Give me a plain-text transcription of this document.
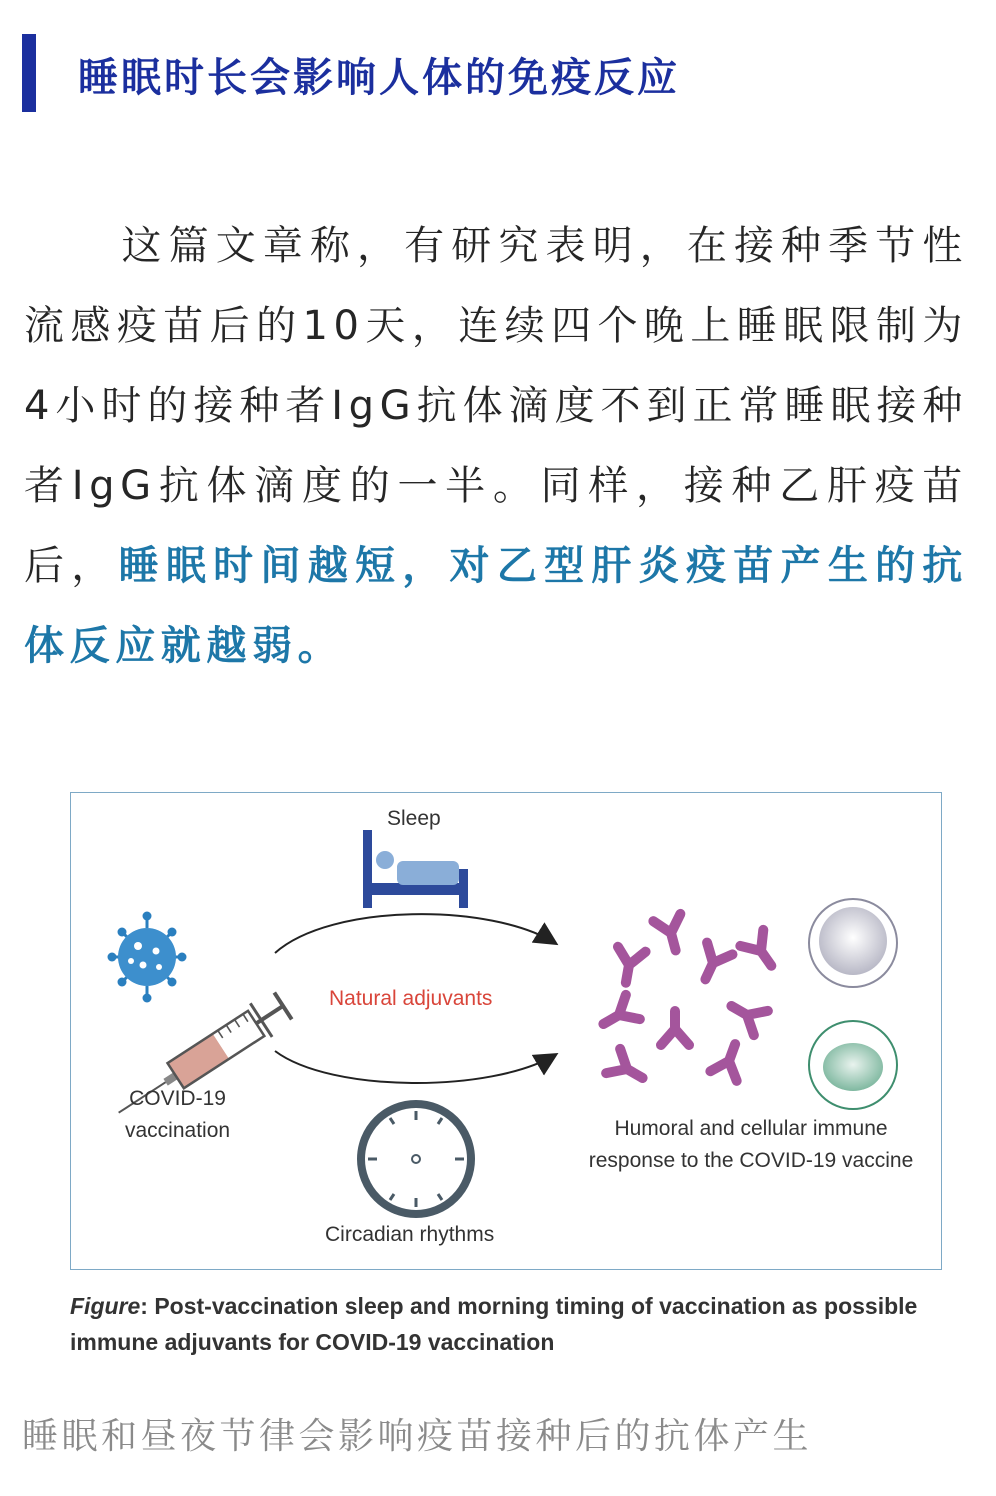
睡眠时长会影响人体的免疫反应

这篇文章称，有研究表明，在接种季节性流感疫苗后的10天，连续四个晚上睡眠限制为4小时的接种者IgG抗体滴度不到正常睡眠接种者IgG抗体滴度的一半。同样，接种乙肝疫苗后，睡眠时间越短，对乙型肝炎疫苗产生的抗体反应就越弱。

Sleep
Natural adjuvants
COVID-19
vaccination	Humoral and cellular immune
response to the COVID-19 vaccine
Circadian rhythms
Figure: Post-vaccination sleep and morning timing of vaccination as possible immune adjuvants for COVID-19 vaccination
睡眠和昼夜节律会影响疫苗接种后的抗体产生
